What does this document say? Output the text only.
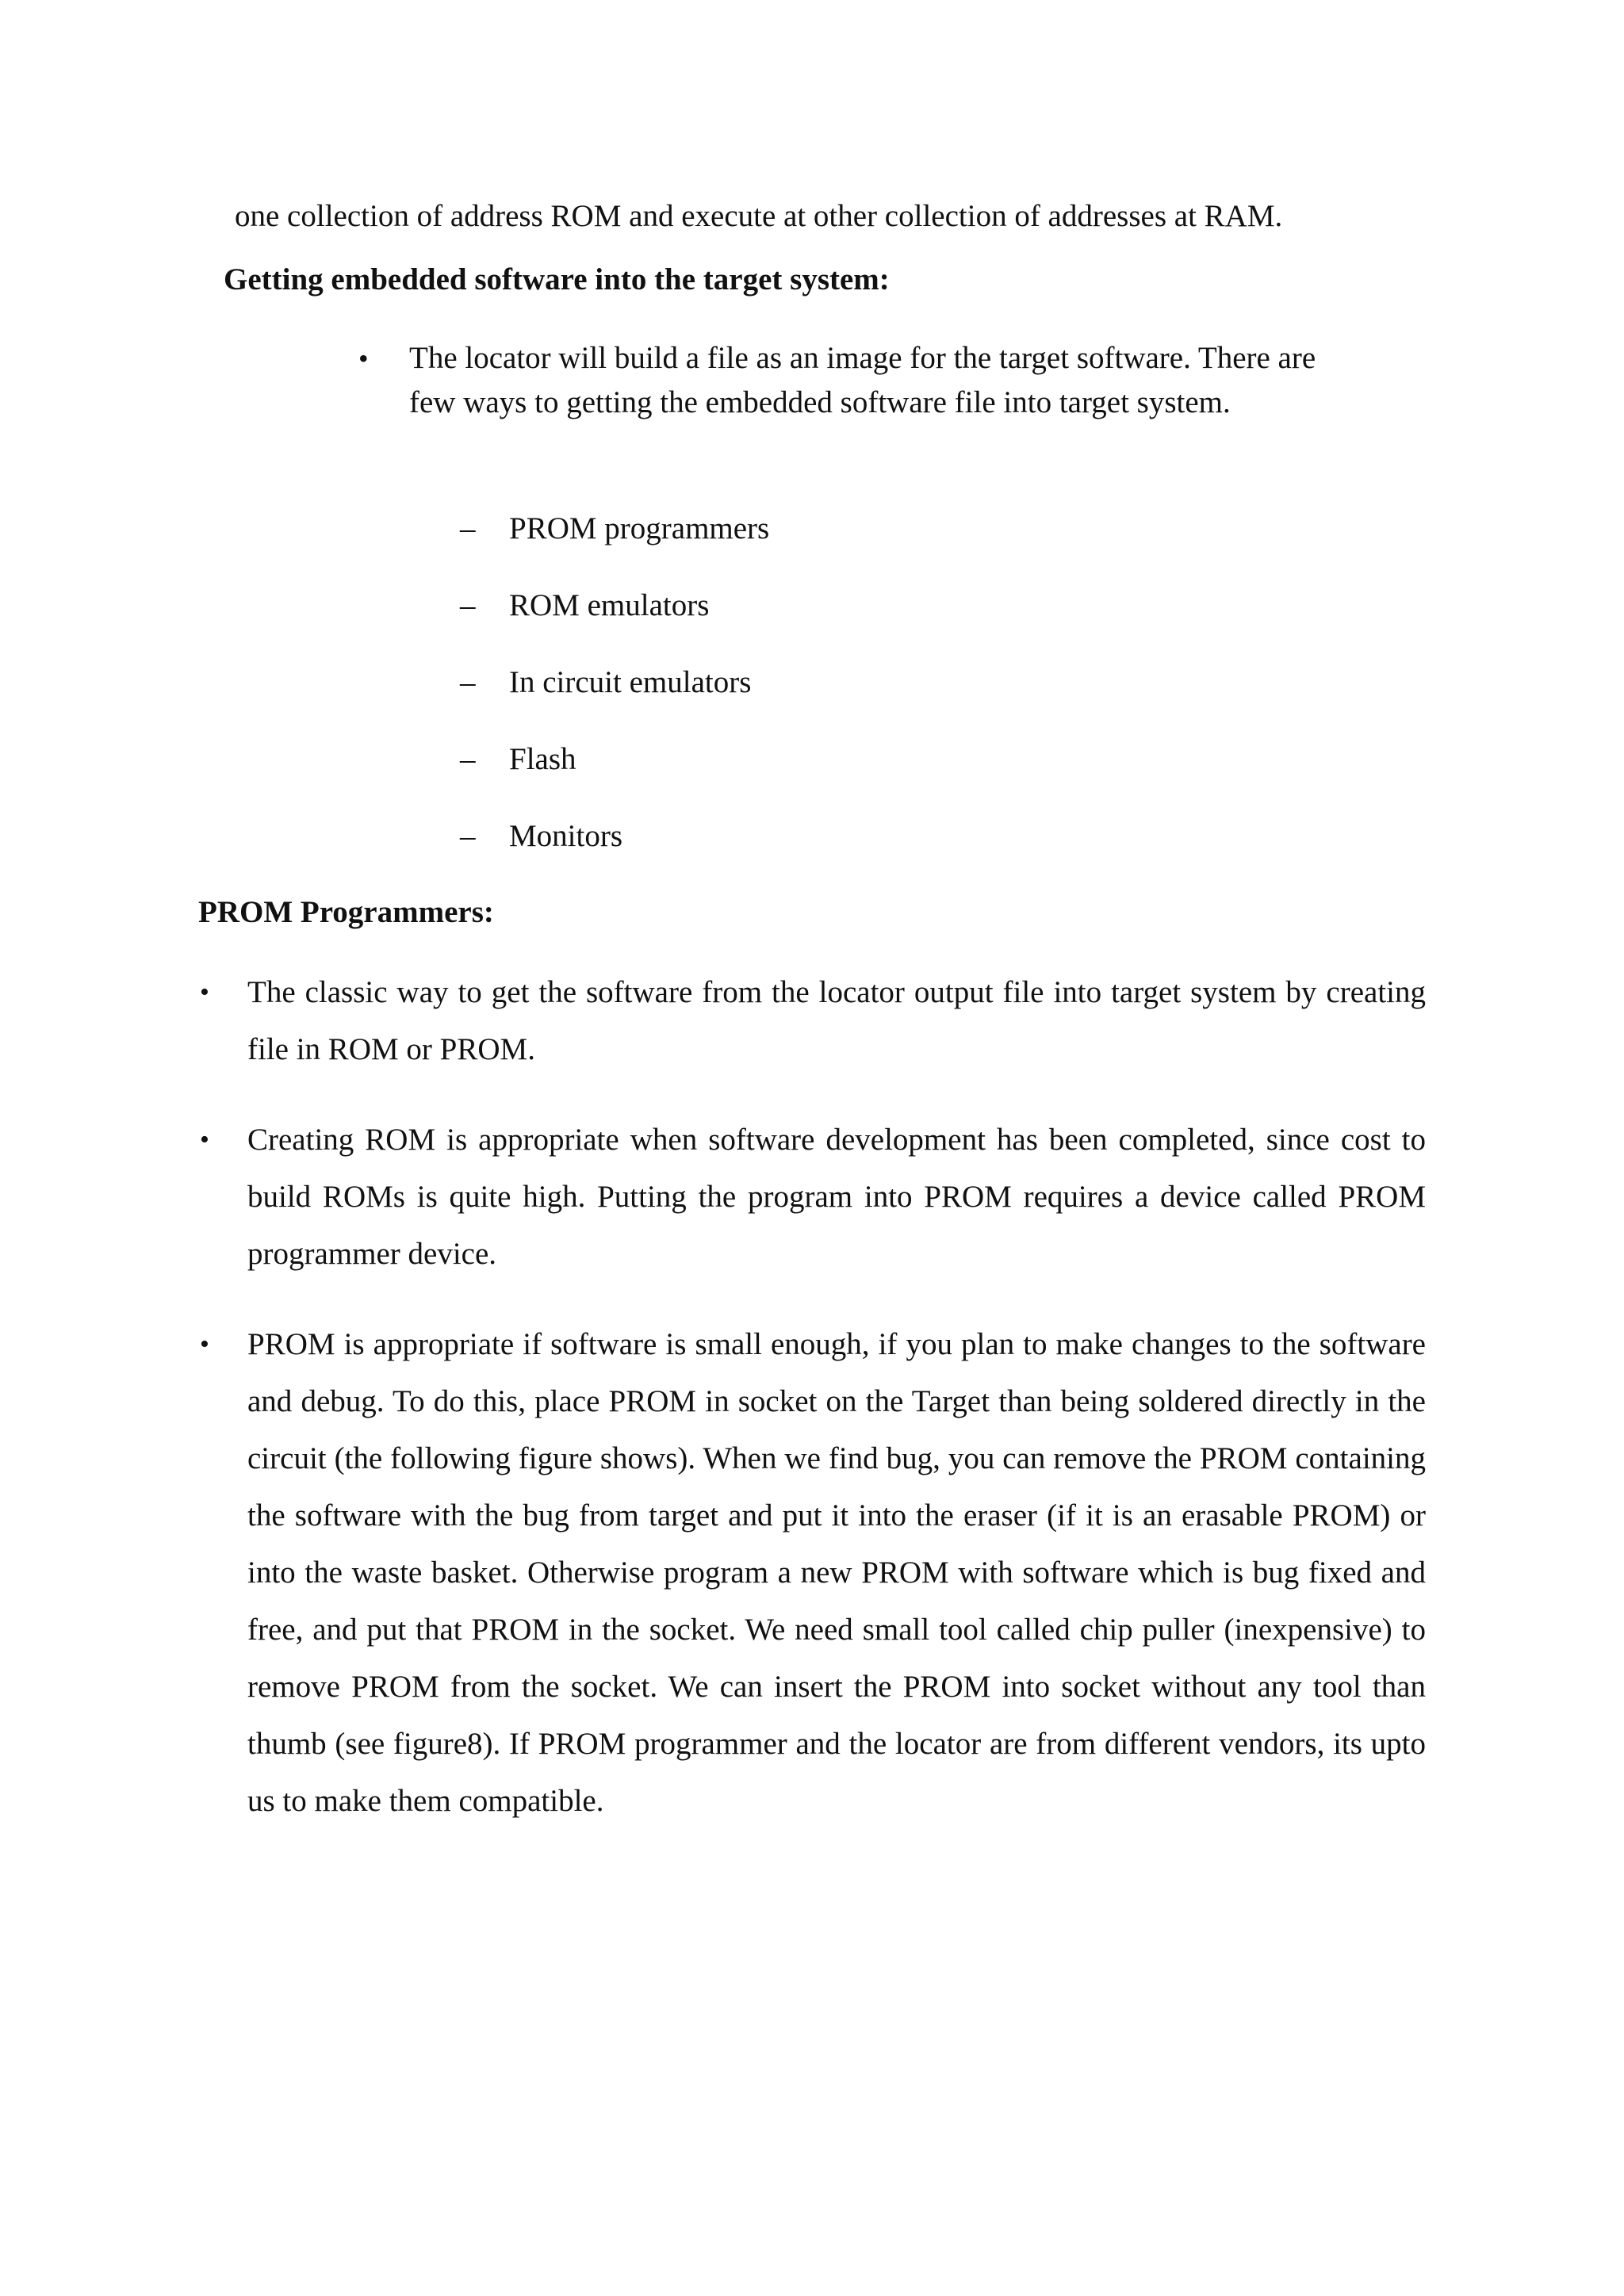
one collection of address ROM and execute at other collection of addresses at RAM.
Getting embedded software into the target system:
• The locator will build a file as an image for the target software. There are few ways to getting the embedded software file into target system.
–	PROM programmers
–	ROM emulators
–	In circuit emulators
–	Flash
–	Monitors
PROM Programmers:
• The classic way to get the software from the locator output file into target system by creating file in ROM or PROM.
• Creating ROM is appropriate when software development has been completed, since cost to build ROMs is quite high. Putting the program into PROM requires a device called PROM programmer device.
• PROM is appropriate if software is small enough, if you plan to make changes to the software and debug. To do this, place PROM in socket on the Target than being soldered directly in the circuit (the following figure shows). When we find bug, you can remove the PROM containing the software with the bug from target and put it into the eraser (if it is an erasable PROM) or into the waste basket. Otherwise program a new PROM with software which is bug fixed and free, and put that PROM in the socket. We need small tool called chip puller (inexpensive) to remove PROM from the socket. We can insert the PROM into socket without any tool than thumb (see figure8). If PROM programmer and the locator are from different vendors, its upto us to make them compatible.
